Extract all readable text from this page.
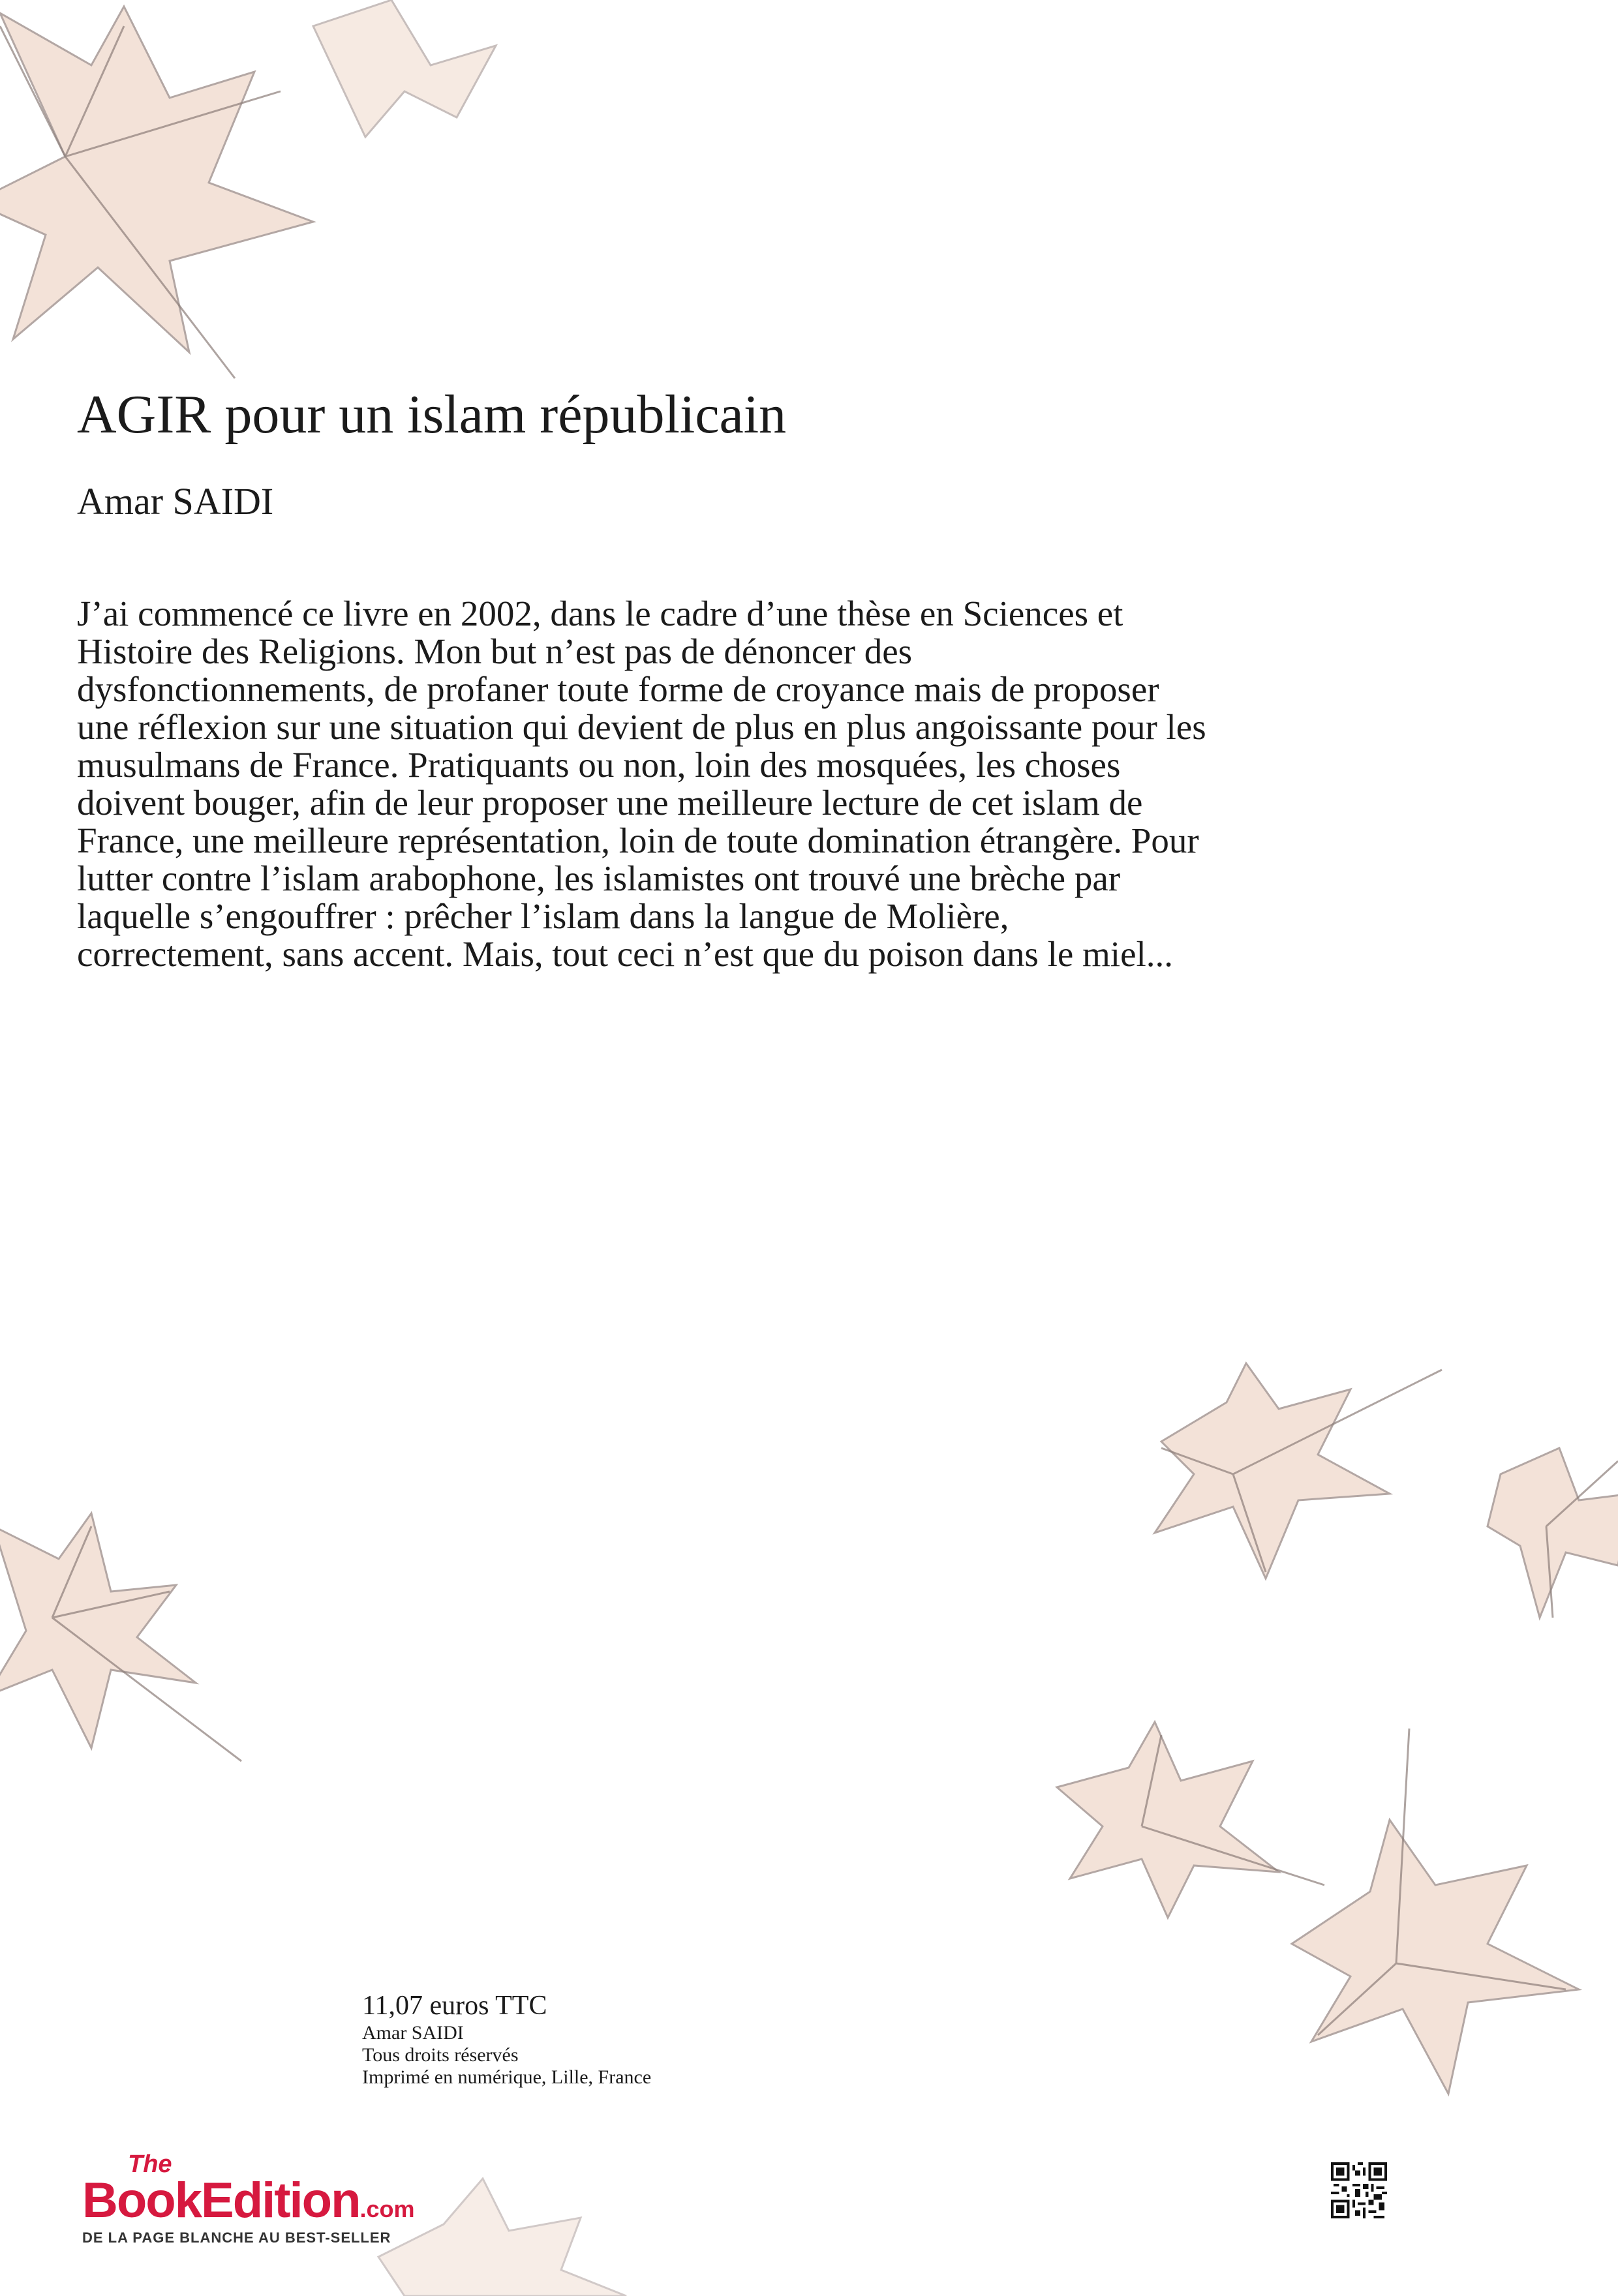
AGIR pour un islam républicain

Amar SAIDI

J’ai commencé ce livre en 2002, dans le cadre d’une thèse en Sciences et Histoire des Religions. Mon but n’est pas de dénoncer des dysfonctionnements, de profaner toute forme de croyance mais de proposer une réflexion sur une situation qui devient de plus en plus angoissante pour les musulmans de France. Pratiquants ou non, loin des mosquées, les choses doivent bouger, afin de leur proposer une meilleure lecture de cet islam de France, une meilleure représentation, loin de toute domination étrangère. Pour lutter contre l’islam arabophone, les islamistes ont trouvé une brèche par laquelle s’engouffrer : prêcher l’islam dans la langue de Molière, correctement, sans accent. Mais, tout ceci n’est que du poison dans le miel...

11,07 euros TTC
Amar SAIDI
Tous droits réservés
Imprimé en numérique, Lille, France
The
BookEdition.com
DE LA PAGE BLANCHE AU BEST-SELLER
